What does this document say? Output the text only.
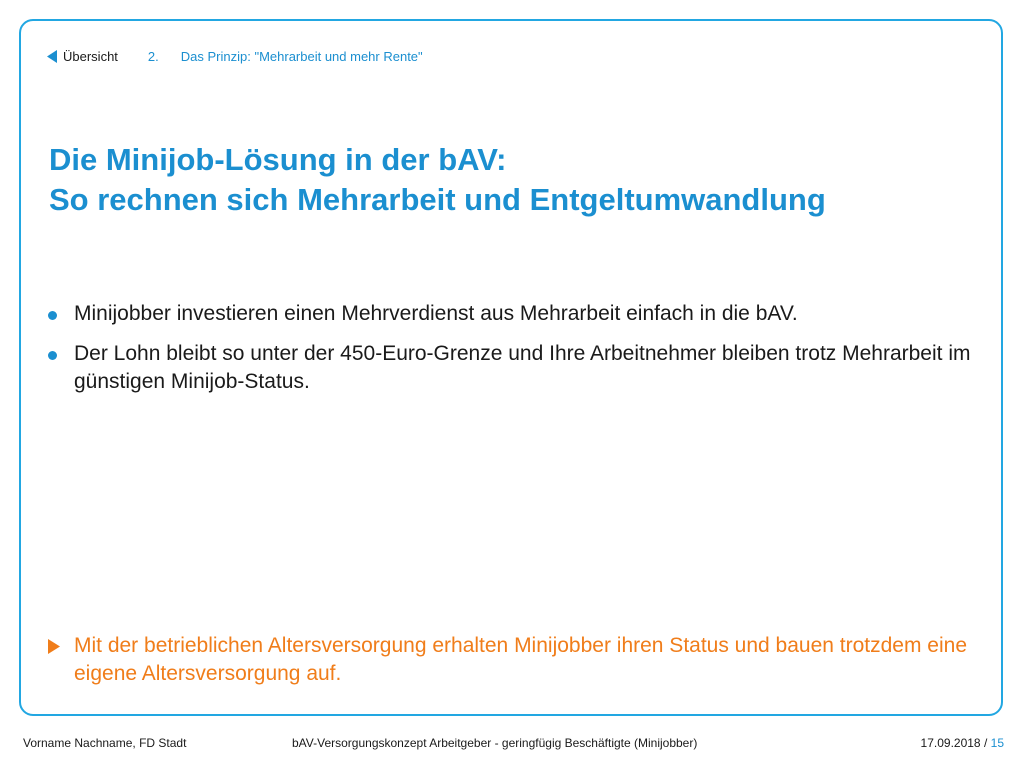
Übersicht 2. Das Prinzip: "Mehrarbeit und mehr Rente"
Die Minijob-Lösung in der bAV:
So rechnen sich Mehrarbeit und Entgeltumwandlung
Minijobber investieren einen Mehrverdienst aus Mehrarbeit einfach in die bAV.
Der Lohn bleibt so unter der 450-Euro-Grenze und Ihre Arbeitnehmer bleiben trotz Mehrarbeit im günstigen Minijob-Status.
Mit der betrieblichen Altersversorgung erhalten Minijobber ihren Status und bauen trotzdem eine eigene Altersversorgung auf.
Vorname Nachname, FD Stadt	bAV-Versorgungskonzept Arbeitgeber - geringfügig Beschäftigte (Minijobber)	17.09.2018 / 15
